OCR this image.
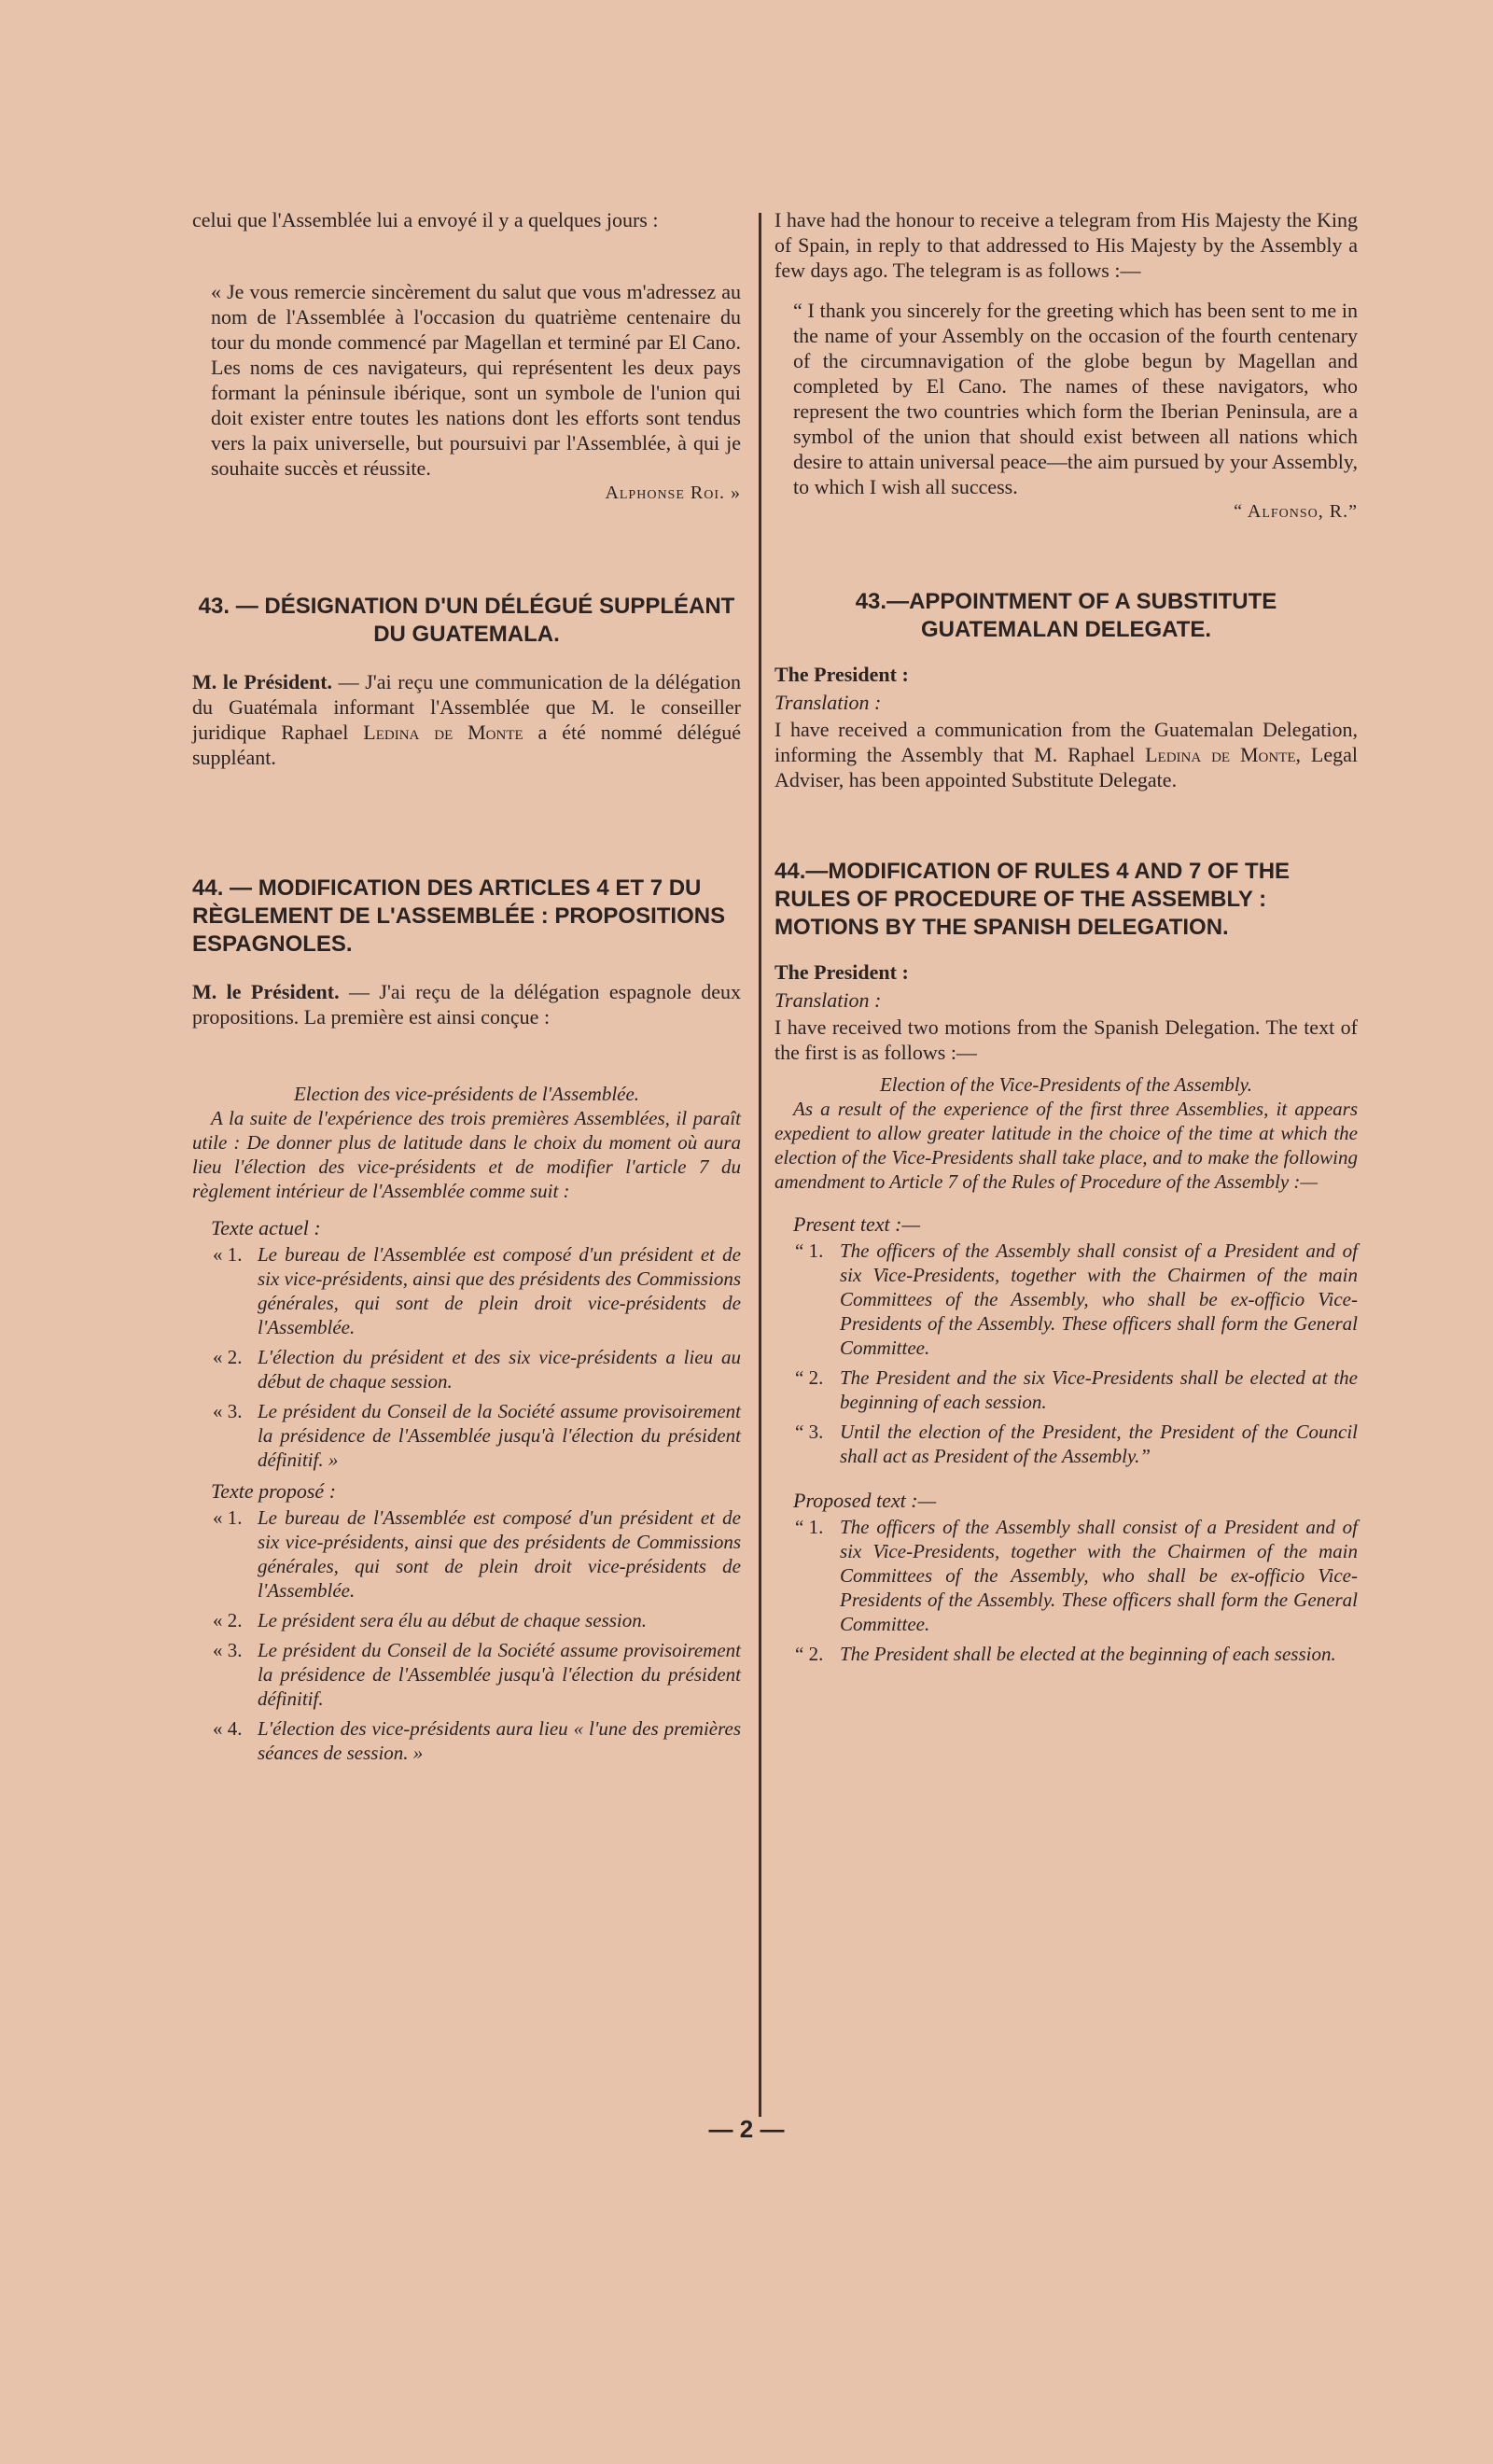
celui que l'Assemblée lui a envoyé il y a quelques jours :

« Je vous remercie sincèrement du salut que vous m'adressez au nom de l'Assemblée à l'occasion du quatrième centenaire du tour du monde commencé par Magellan et terminé par El Cano. Les noms de ces navigateurs, qui représentent les deux pays formant la péninsule ibérique, sont un symbole de l'union qui doit exister entre toutes les nations dont les efforts sont tendus vers la paix universelle, but poursuivi par l'Assemblée, à qui je souhaite succès et réussite.

Alphonse Roi. »

43. — DÉSIGNATION D'UN DÉLÉGUÉ SUPPLÉANT DU GUATEMALA.

M. le Président. — J'ai reçu une communication de la délégation du Guatémala informant l'Assemblée que M. le conseiller juridique Raphael Ledina de Monte a été nommé délégué suppléant.

44. — MODIFICATION DES ARTICLES 4 ET 7 DU RÈGLEMENT DE L'ASSEMBLÉE : PROPOSITIONS ESPAGNOLES.

M. le Président. — J'ai reçu de la délégation espagnole deux propositions. La première est ainsi conçue :

Election des vice-présidents de l'Assemblée.

A la suite de l'expérience des trois premières Assemblées, il paraît utile : De donner plus de latitude dans le choix du moment où aura lieu l'élection des vice-présidents et de modifier l'article 7 du règlement intérieur de l'Assemblée comme suit :

Texte actuel :

« 1. Le bureau de l'Assemblée est composé d'un président et de six vice-présidents, ainsi que des présidents des Commissions générales, qui sont de plein droit vice-présidents de l'Assemblée.
« 2. L'élection du président et des six vice-présidents a lieu au début de chaque session.
« 3. Le président du Conseil de la Société assume provisoirement la présidence de l'Assemblée jusqu'à l'élection du président définitif. »

Texte proposé :

« 1. Le bureau de l'Assemblée est composé d'un président et de six vice-présidents, ainsi que des présidents de Commissions générales, qui sont de plein droit vice-présidents de l'Assemblée.
« 2. Le président sera élu au début de chaque session.
« 3. Le président du Conseil de la Société assume provisoirement la présidence de l'Assemblée jusqu'à l'élection du président définitif.
« 4. L'élection des vice-présidents aura lieu « l'une des premières séances de session. »

I have had the honour to receive a telegram from His Majesty the King of Spain, in reply to that addressed to His Majesty by the Assembly a few days ago. The telegram is as follows :—

“ I thank you sincerely for the greeting which has been sent to me in the name of your Assembly on the occasion of the fourth centenary of the circumnavigation of the globe begun by Magellan and completed by El Cano. The names of these navigators, who represent the two countries which form the Iberian Peninsula, are a symbol of the union that should exist between all nations which desire to attain universal peace—the aim pursued by your Assembly, to which I wish all success.

“ Alfonso, R.”

43.—APPOINTMENT OF A SUBSTITUTE GUATEMALAN DELEGATE.

The President :

Translation :

I have received a communication from the Guatemalan Delegation, informing the Assembly that M. Raphael Ledina de Monte, Legal Adviser, has been appointed Substitute Delegate.

44.—MODIFICATION OF RULES 4 AND 7 OF THE RULES OF PROCEDURE OF THE ASSEMBLY : MOTIONS BY THE SPANISH DELEGATION.

The President :

Translation :

I have received two motions from the Spanish Delegation. The text of the first is as follows :—

Election of the Vice-Presidents of the Assembly.

As a result of the experience of the first three Assemblies, it appears expedient to allow greater latitude in the choice of the time at which the election of the Vice-Presidents shall take place, and to make the following amendment to Article 7 of the Rules of Procedure of the Assembly :—

Present text :—

“ 1. The officers of the Assembly shall consist of a President and of six Vice-Presidents, together with the Chairmen of the main Committees of the Assembly, who shall be ex-officio Vice-Presidents of the Assembly. These officers shall form the General Committee.
“ 2. The President and the six Vice-Presidents shall be elected at the beginning of each session.
“ 3. Until the election of the President, the President of the Council shall act as President of the Assembly.”

Proposed text :—

“ 1. The officers of the Assembly shall consist of a President and of six Vice-Presidents, together with the Chairmen of the main Committees of the Assembly, who shall be ex-officio Vice-Presidents of the Assembly. These officers shall form the General Committee.
“ 2. The President shall be elected at the beginning of each session.
— 2 —
